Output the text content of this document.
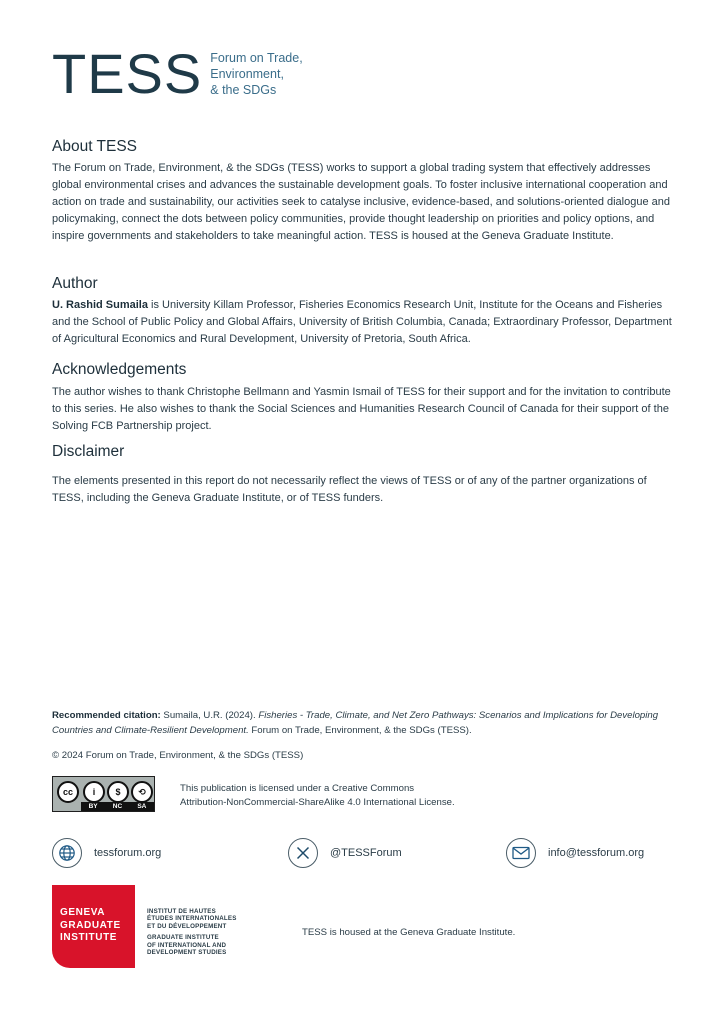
TESS Forum on Trade,
Environment,
& the SDGs
About TESS

The Forum on Trade, Environment, & the SDGs (TESS) works to support a global trading system that effectively addresses global environmental crises and advances the sustainable development goals. To foster inclusive international cooperation and action on trade and sustainability, our activities seek to catalyse inclusive, evidence-based, and solutions-oriented dialogue and policymaking, connect the dots between policy communities, provide thought leadership on priorities and policy options, and inspire governments and stakeholders to take meaningful action. TESS is housed at the Geneva Graduate Institute.

Author

U. Rashid Sumaila is University Killam Professor, Fisheries Economics Research Unit, Institute for the Oceans and Fisheries and the School of Public Policy and Global Affairs, University of British Columbia, Canada; Extraordinary Professor, Department of Agricultural Economics and Rural Development, University of Pretoria, South Africa.

Acknowledgements

The author wishes to thank Christophe Bellmann and Yasmin Ismail of TESS for their support and for the invitation to contribute to this series. He also wishes to thank the Social Sciences and Humanities Research Council of Canada for their support of the Solving FCB Partnership project.

Disclaimer

The elements presented in this report do not necessarily reflect the views of TESS or of any of the partner organizations of TESS, including the Geneva Graduate Institute, or of TESS funders.

Recommended citation: Sumaila, U.R. (2024). Fisheries - Trade, Climate, and Net Zero Pathways: Scenarios and Implications for Developing Countries and Climate-Resilient Development. Forum on Trade, Environment, & the SDGs (TESS).
© 2024 Forum on Trade, Environment, & the SDGs (TESS)
cc	i	$	⟲
BY NC SA
This publication is licensed under a Creative Commons
Attribution-NonCommercial-ShareAlike 4.0 International License.
tessforum.org	@TESSForum	info@tessforum.org
GENEVA
GRADUATE
INSTITUTE
INSTITUT DE HAUTES
ÉTUDES INTERNATIONALES
ET DU DÉVELOPPEMENT
GRADUATE INSTITUTE
OF INTERNATIONAL AND
DEVELOPMENT STUDIES
TESS is housed at the Geneva Graduate Institute.
